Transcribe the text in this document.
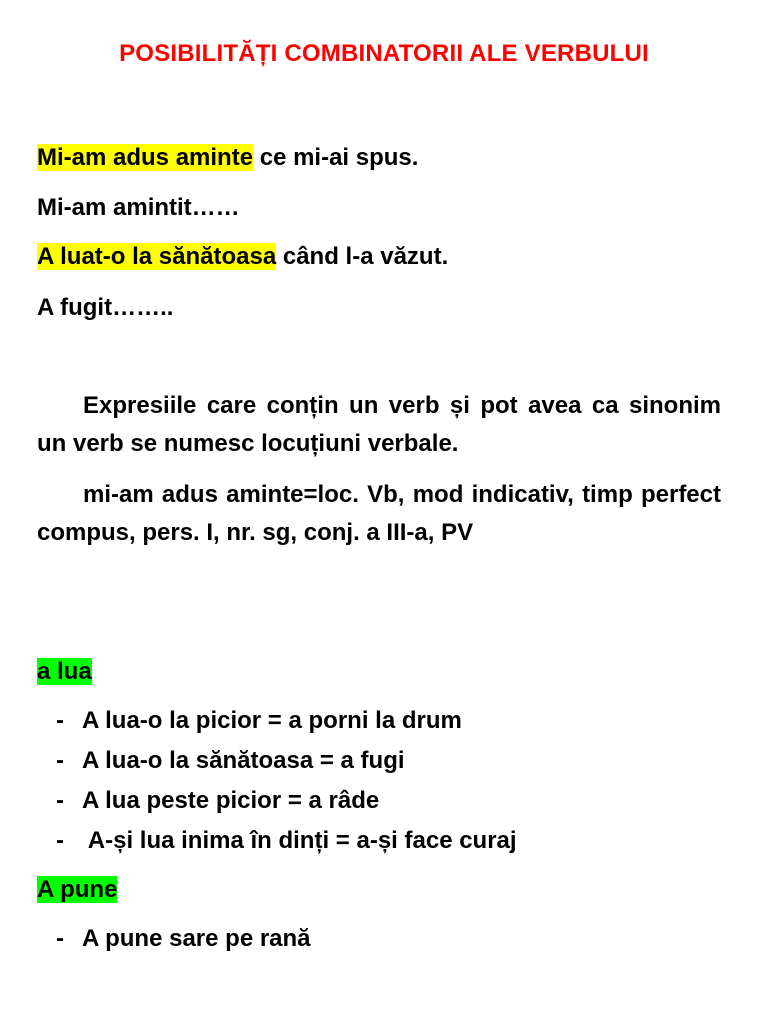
POSIBILITĂȚI COMBINATORII ALE VERBULUI
Mi-am adus aminte ce mi-ai spus.
Mi-am amintit……
A luat-o la sănătoasa când l-a văzut.
A fugit……..
Expresiile care conțin un verb și pot avea ca sinonim un verb se numesc locuțiuni verbale.
mi-am adus aminte=loc. Vb, mod indicativ, timp perfect compus, pers. I, nr. sg, conj. a III-a, PV
a lua
- A lua-o la picior = a porni la drum
- A lua-o la sănătoasa = a fugi
- A lua peste picior = a râde
- A-și lua inima în dinți = a-și face curaj
A pune
- A pune sare pe rană
